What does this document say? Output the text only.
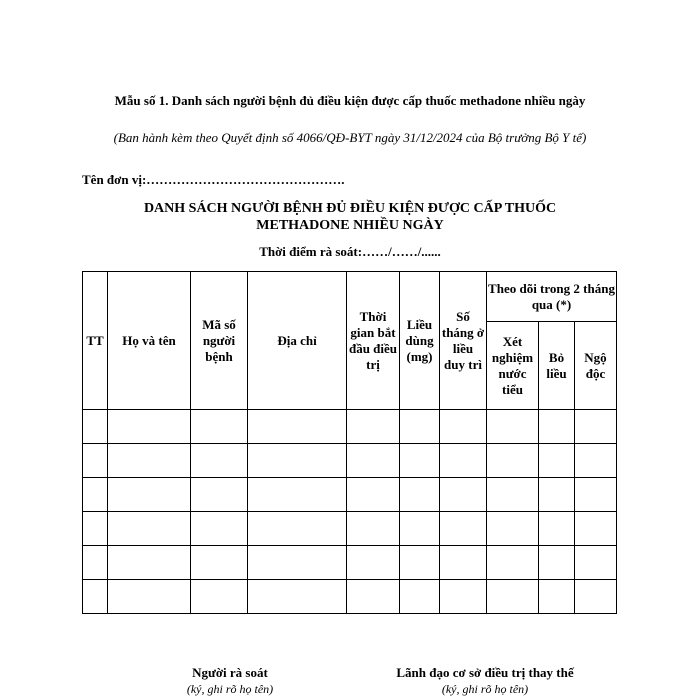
Mẫu số 1. Danh sách người bệnh đủ điều kiện được cấp thuốc methadone nhiều ngày
(Ban hành kèm theo Quyết định số 4066/QĐ-BYT ngày 31/12/2024 của Bộ trưởng Bộ Y tế)
Tên đơn vị:……………………………………….
DANH SÁCH NGƯỜI BỆNH ĐỦ ĐIỀU KIỆN ĐƯỢC CẤP THUỐC
METHADONE NHIỀU NGÀY
Thời điểm rà soát:……/……/......
TT	Họ và tên	Mã số người bệnh	Địa chỉ	Thời gian bắt đầu điều trị	Liều dùng (mg)	Số tháng ở liều duy trì	Theo dõi trong 2 tháng qua (*)		
							Xét nghiệm nước tiểu	Bỏ liều	Ngộ độc

Người rà soát
(ký, ghi rõ họ tên)
Lãnh đạo cơ sở điều trị thay thế
(ký, ghi rõ họ tên)
